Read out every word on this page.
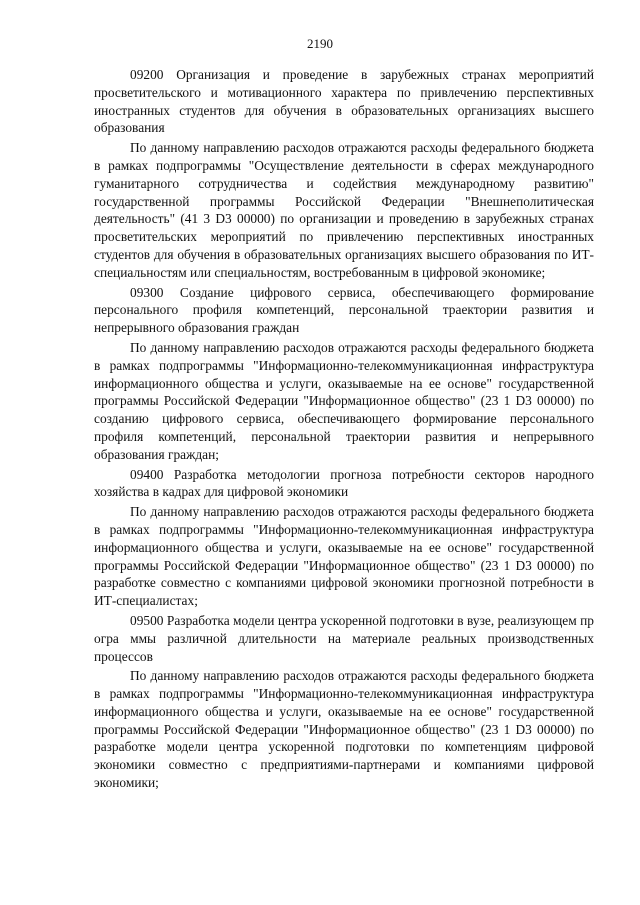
2190

09200 Организация и проведение в зарубежных странах мероприятий просветительского и мотивационного характера по привлечению перспективных иностранных студентов для обучения в образовательных организациях высшего образования

По данному направлению расходов отражаются расходы федерального бюджета в рамках подпрограммы "Осуществление деятельности в сферах международного гуманитарного сотрудничества и содействия международному развитию" государственной программы Российской Федерации "Внешнеполитическая деятельность" (41 3 D3 00000) по организации и проведению в зарубежных странах просветительских мероприятий по привлечению перспективных иностранных студентов для обучения в образовательных организациях высшего образования по ИТ-специальностям или специальностям, востребованным в цифровой экономике;

09300 Создание цифрового сервиса, обеспечивающего формирование персонального профиля компетенций, персональной траектории развития и непрерывного образования граждан

По данному направлению расходов отражаются расходы федерального бюджета в рамках подпрограммы "Информационно-телекоммуникационная инфраструктура информационного общества и услуги, оказываемые на ее основе" государственной программы Российской Федерации "Информационное общество" (23 1 D3 00000) по созданию цифрового сервиса, обеспечивающего формирование персонального профиля компетенций, персональной траектории развития и непрерывного образования граждан;

09400 Разработка методологии прогноза потребности секторов народного хозяйства в кадрах для цифровой экономики

По данному направлению расходов отражаются расходы федерального бюджета в рамках подпрограммы "Информационно-телекоммуникационная инфраструктура информационного общества и услуги, оказываемые на ее основе" государственной программы Российской Федерации "Информационное общество" (23 1 D3 00000) по разработке совместно с компаниями цифровой экономики прогнозной потребности в ИТ-специалистах;

09500 Разработка модели центра ускоренной подготовки в вузе, реализующем пр огра ммы различной длительности на материале реальных производственных процессов

По данному направлению расходов отражаются расходы федерального бюджета в рамках подпрограммы "Информационно-телекоммуникационная инфраструктура информационного общества и услуги, оказываемые на ее основе" государственной программы Российской Федерации "Информационное общество" (23 1 D3 00000) по разработке модели центра ускоренной подготовки по компетенциям цифровой экономики совместно с предприятиями-партнерами и компаниями цифровой экономики;
